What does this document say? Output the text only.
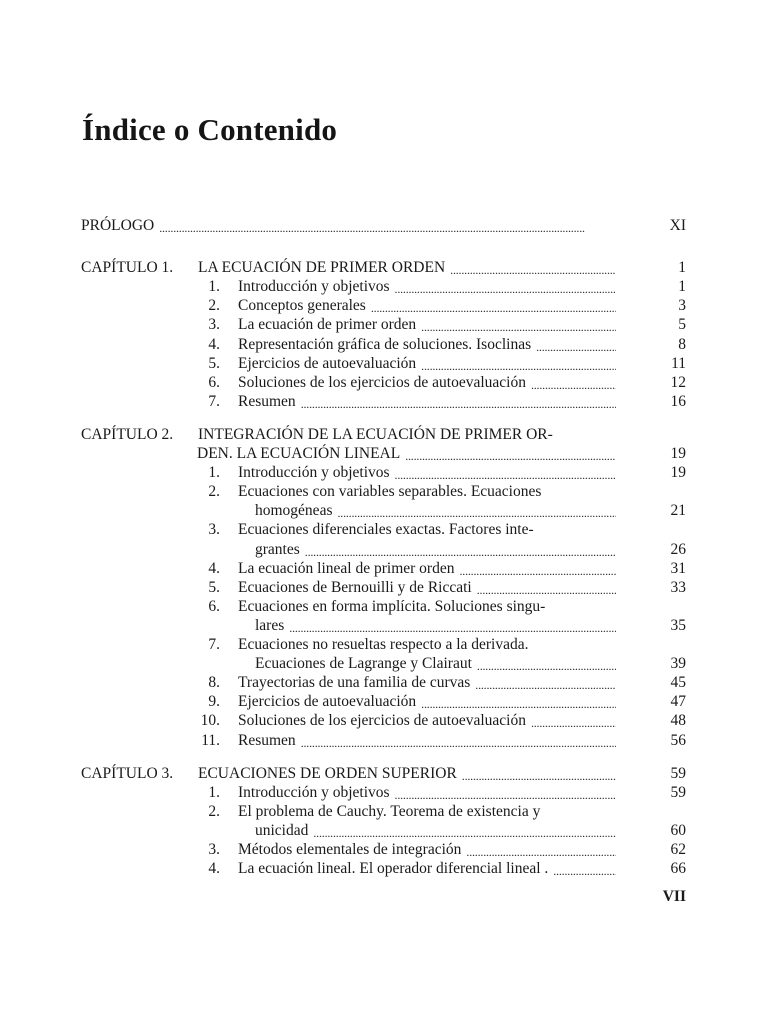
Índice o Contenido
PRÓLOGO . . .	XI
CAPÍTULO 1. LA ECUACIÓN DE PRIMER ORDEN . . .	1
1. Introducción y objetivos . . .	1
2. Conceptos generales . . .	3
3. La ecuación de primer orden . . .	5
4. Representación gráfica de soluciones. Isoclinas . . .	8
5. Ejercicios de autoevaluación . . .	11
6. Soluciones de los ejercicios de autoevaluación . . .	12
7. Resumen . . .	16
CAPÍTULO 2. INTEGRACIÓN DE LA ECUACIÓN DE PRIMER OR-
DEN. LA ECUACIÓN LINEAL . . .	19
1. Introducción y objetivos . . .	19
2. Ecuaciones con variables separables. Ecuaciones
homogéneas . . .	21
3. Ecuaciones diferenciales exactas. Factores inte-
grantes . . .	26
4. La ecuación lineal de primer orden . . .	31
5. Ecuaciones de Bernouilli y de Riccati . . .	33
6. Ecuaciones en forma implícita. Soluciones singu-
lares . . .	35
7. Ecuaciones no resueltas respecto a la derivada.
Ecuaciones de Lagrange y Clairaut . . .	39
8. Trayectorias de una familia de curvas . . .	45
9. Ejercicios de autoevaluación . . .	47
10. Soluciones de los ejercicios de autoevaluación . . .	48
11. Resumen . . .	56
CAPÍTULO 3. ECUACIONES DE ORDEN SUPERIOR . . .	59
1. Introducción y objetivos . . .	59
2. El problema de Cauchy. Teorema de existencia y
unicidad . . .	60
3. Métodos elementales de integración . . .	62
4. La ecuación lineal. El operador diferencial lineal . . . .	66
VII
